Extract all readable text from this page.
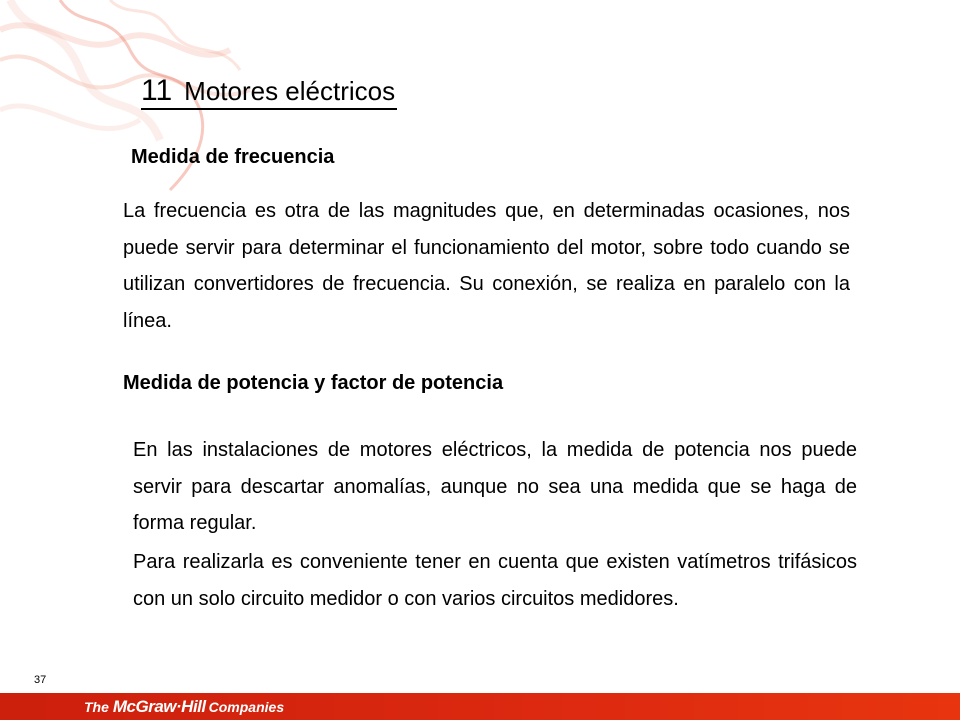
11 Motores eléctricos
Medida de frecuencia
La frecuencia es otra de las magnitudes que, en determinadas ocasiones, nos puede servir para determinar el funcionamiento del motor, sobre todo cuando se utilizan convertidores de frecuencia. Su conexión, se realiza en paralelo con la línea.
Medida de potencia y factor de potencia
En las instalaciones de motores eléctricos, la medida de potencia nos puede servir para descartar anomalías, aunque no sea una medida que se haga de forma regular.
Para realizarla es conveniente tener en cuenta que existen vatímetros trifásicos con un solo circuito medidor o con varios circuitos medidores.
37
The McGraw·Hill Companies
